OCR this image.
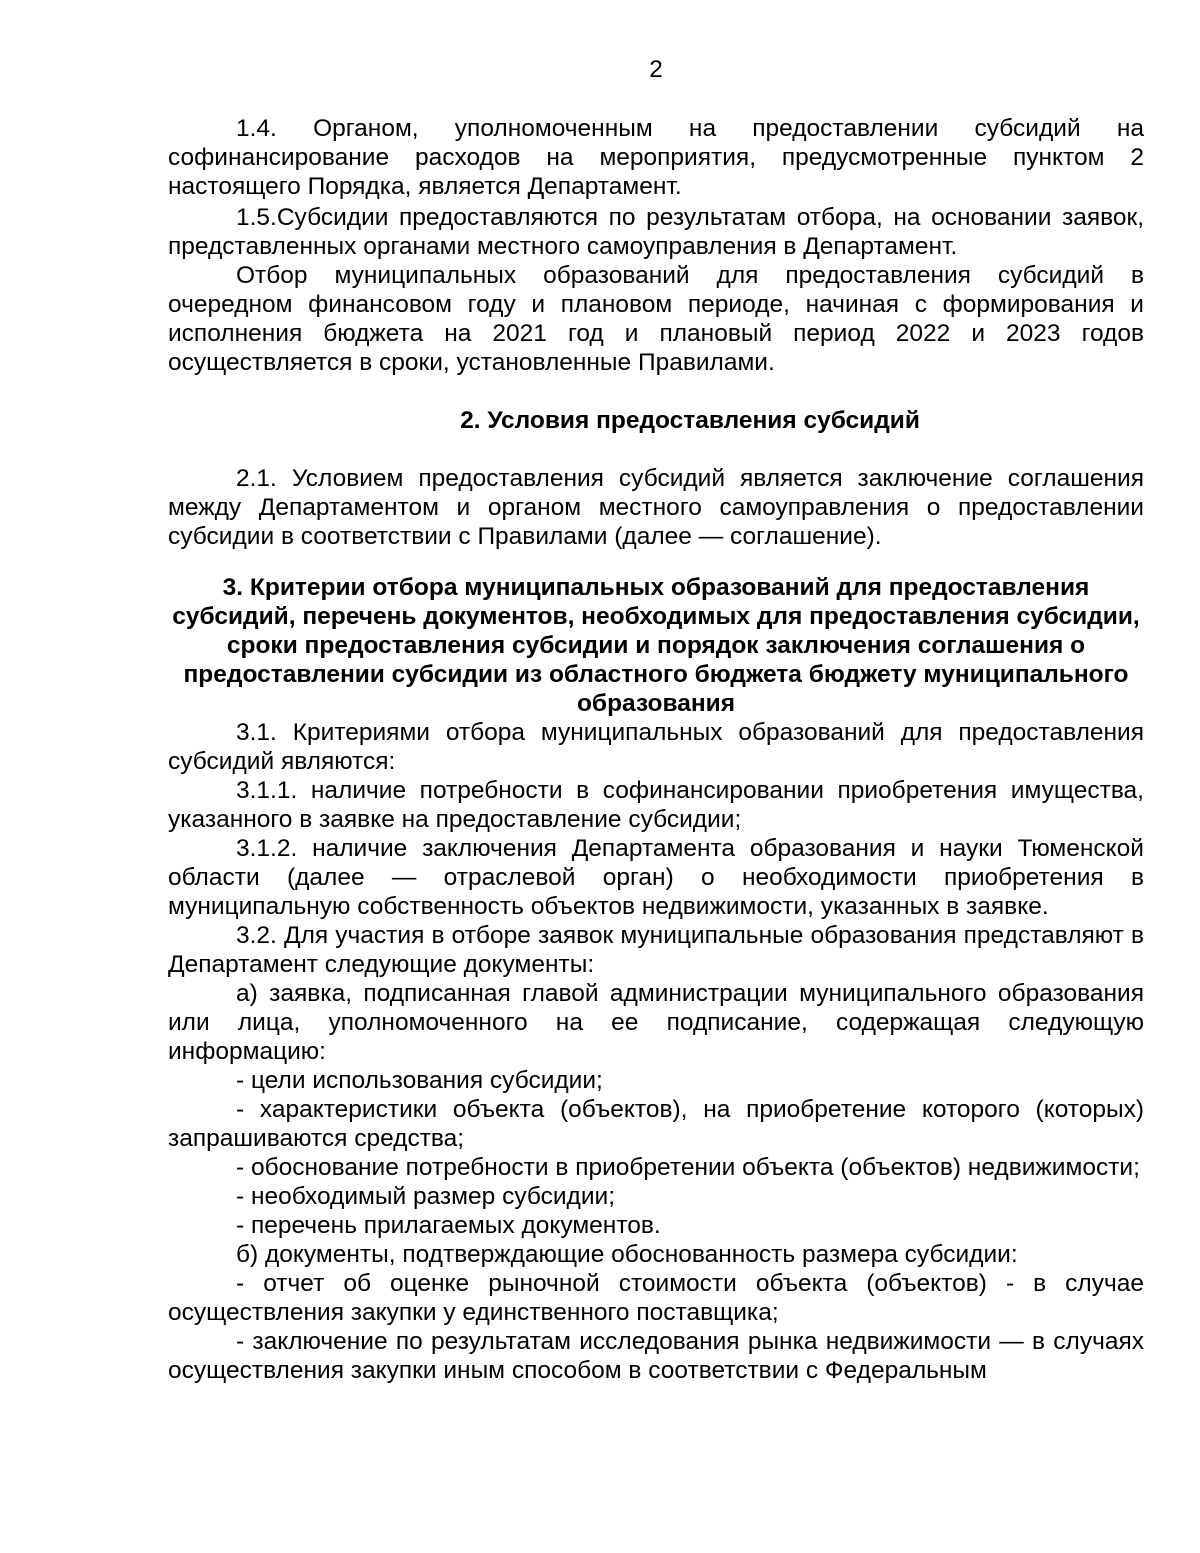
2

1.4. Органом, уполномоченным на предоставлении субсидий на софинансирование расходов на мероприятия, предусмотренные пунктом 2 настоящего Порядка, является Департамент.

1.5.Субсидии предоставляются по результатам отбора, на основании заявок, представленных органами местного самоуправления в Департамент.

Отбор муниципальных образований для предоставления субсидий в очередном финансовом году и плановом периоде, начиная с формирования и исполнения бюджета на 2021 год и плановый период 2022 и 2023 годов осуществляется в сроки, установленные Правилами.

2. Условия предоставления субсидий

2.1. Условием предоставления субсидий является заключение соглашения между Департаментом и органом местного самоуправления о предоставлении субсидии в соответствии с Правилами (далее — соглашение).

3. Критерии отбора муниципальных образований для предоставления субсидий, перечень документов, необходимых для предоставления субсидии, сроки предоставления субсидии и порядок заключения соглашения о предоставлении субсидии из областного бюджета бюджету муниципального образования

3.1. Критериями отбора муниципальных образований для предоставления субсидий являются:

3.1.1. наличие потребности в софинансировании приобретения имущества, указанного в заявке на предоставление субсидии;

3.1.2. наличие заключения Департамента образования и науки Тюменской области (далее — отраслевой орган) о необходимости приобретения в муниципальную собственность объектов недвижимости, указанных в заявке.

3.2. Для участия в отборе заявок муниципальные образования представляют в Департамент следующие документы:

а) заявка, подписанная главой администрации муниципального образования или лица, уполномоченного на ее подписание, содержащая следующую информацию:

- цели использования субсидии;

- характеристики объекта (объектов), на приобретение которого (которых) запрашиваются средства;

- обоснование потребности в приобретении объекта (объектов) недвижимости;

- необходимый размер субсидии;

- перечень прилагаемых документов.

б) документы, подтверждающие обоснованность размера субсидии:

- отчет об оценке рыночной стоимости объекта (объектов) - в случае осуществления закупки у единственного поставщика;

- заключение по результатам исследования рынка недвижимости — в случаях осуществления закупки иным способом в соответствии с Федеральным
